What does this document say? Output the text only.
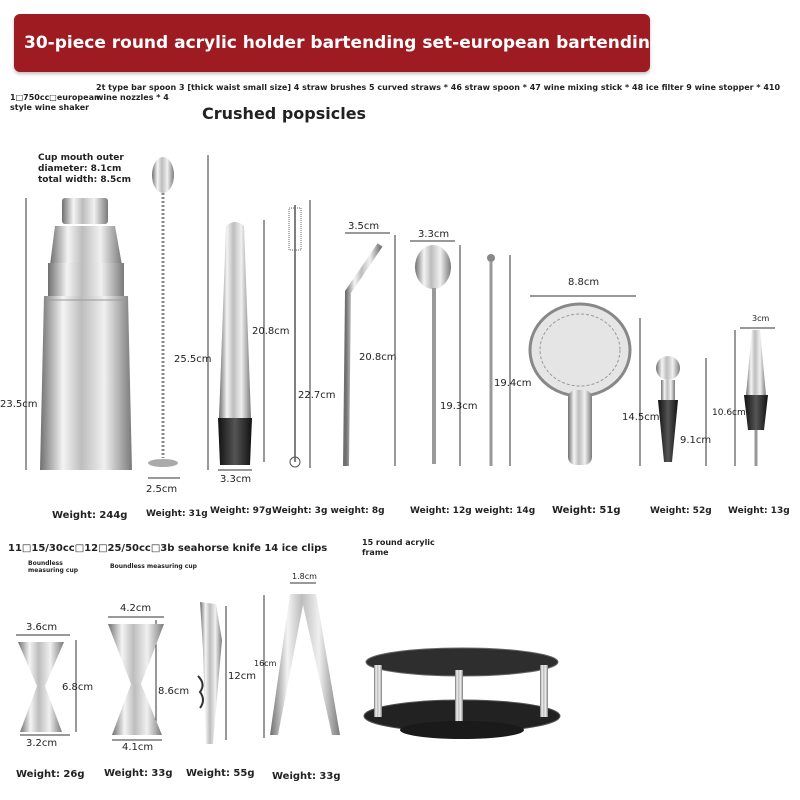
30-piece round acrylic holder bartending set-european bartending set
1□750cc□european style wine shaker
2t type bar spoon 3 [thick waist small size] 4 straw brushes 5 curved straws * 46 straw spoon * 47 wine mixing stick * 48 ice filter 9 wine stopper * 410 wine nozzles * 4
Crushed popsicles
Cup mouth outer diameter: 8.1cm total width: 8.5cm
23.5cm
25.5cm
2.5cm
20.8cm
3.3cm
22.7cm
3.5cm
20.8cm
3.3cm
19.3cm
19.4cm
8.8cm
14.5cm
9.1cm
3cm
10.6cm
Weight: 244g Weight: 31g Weight: 97g Weight: 3g weight: 8g	Weight: 12g weight: 14g Weight: 51g	Weight: 52g Weight: 13g
11□15/30cc□12□25/50cc□3b seahorse knife 14 ice clips
15 round acrylic frame
Boundless measuring cup
Boundless measuring cup
3.6cm
6.8cm
3.2cm
4.2cm
8.6cm
4.1cm
12cm
1.8cm
16cm
Weight: 26g Weight: 33g Weight: 55g Weight: 33g
